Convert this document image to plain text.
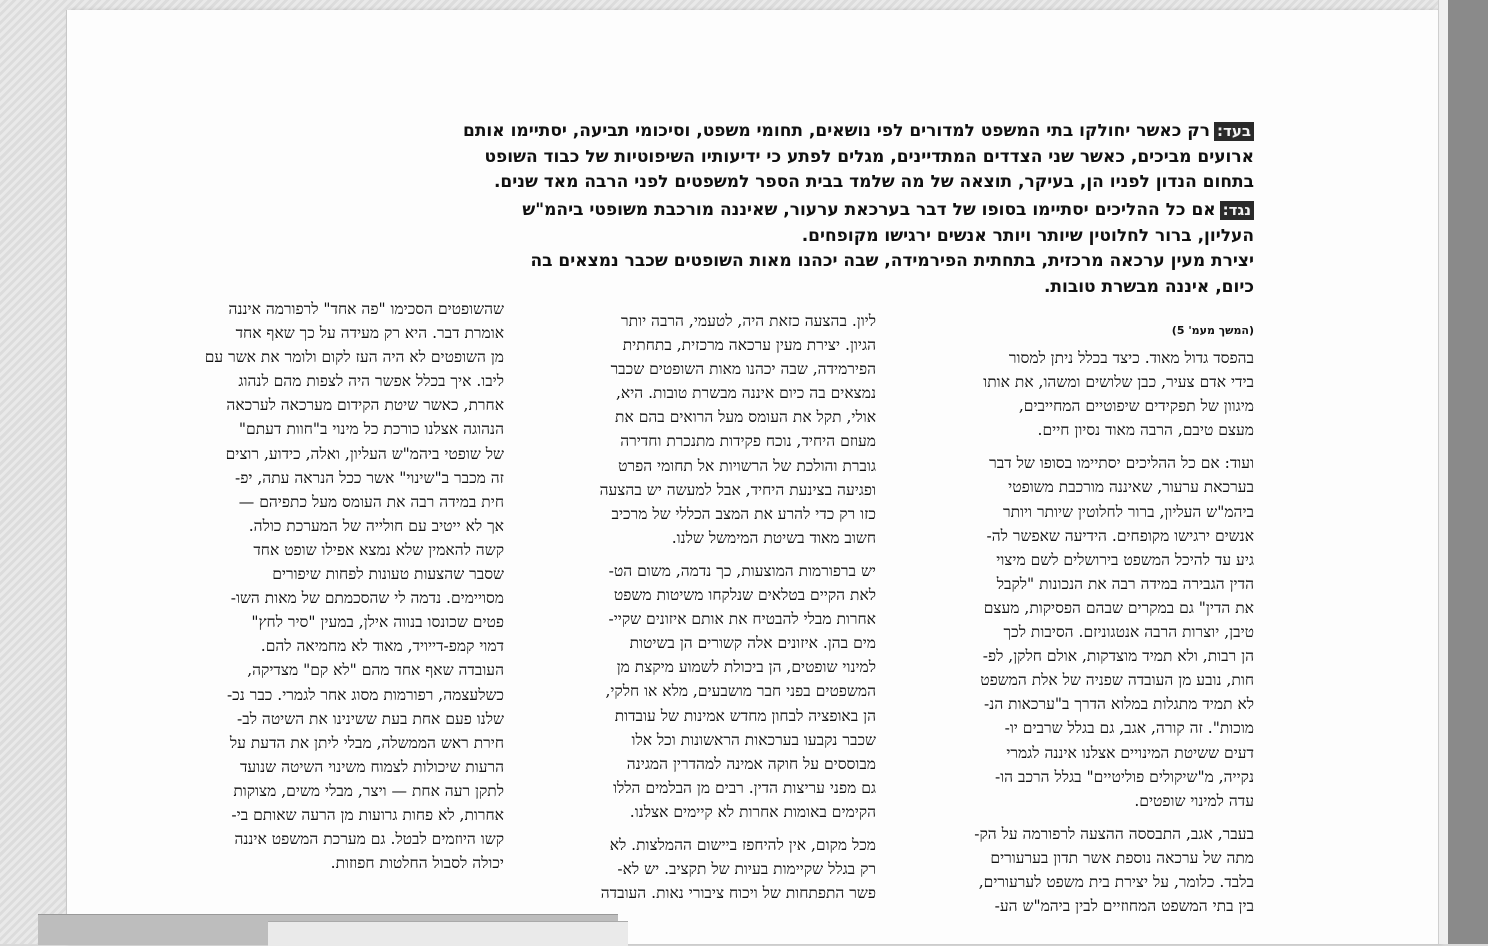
בעד:רק כאשר יחולקו בתי המשפט למדורים לפי נושאים, תחומי משפט, וסיכומי תביעה, יסתיימו אותם
ארועים מביכים, כאשר שני הצדדים המתדיינים, מגלים לפתע כי ידיעותיו השיפוטיות של כבוד השופט
בתחום הנדון לפניו הן, בעיקר, תוצאה של מה שלמד בבית הספר למשפטים לפני הרבה מאד שנים.
נגד:אם כל ההליכים יסתיימו בסופו של דבר בערכאת ערעור, שאיננה מורכבת משופטי ביהמ"ש
העליון, ברור לחלוטין שיותר ויותר אנשים ירגישו מקופחים.
יצירת מעין ערכאה מרכזית, בתחתית הפירמידה, שבה יכהנו מאות השופטים שכבר נמצאים בה
כיום, איננה מבשרת טובות.
(המשך מעמ' 5)
בהפסד גדול מאוד. כיצד בכלל ניתן למסור
בידי אדם צעיר, כבן שלושים ומשהו, את אותו
מיגוון של תפקידים שיפוטיים המחייבים,
מעצם טיבם, הרבה מאוד נסיון חיים.
ועוד: אם כל ההליכים יסתיימו בסופו של דבר
בערכאת ערעור, שאיננה מורכבת משופטי
ביהמ"ש העליון, ברור לחלוטין שיותר ויותר
אנשים ירגישו מקופחים. הידיעה שאפשר לה-
גיע עד להיכל המשפט בירושלים לשם מיצוי
הדין הגבירה במידה רבה את הנכונות "לקבל
את הדין" גם במקרים שבהם הפסיקות, מעצם
טיבן, יוצרות הרבה אנטגוניזם. הסיבות לכך
הן רבות, ולא תמיד מוצדקות, אולם חלקן, לפ-
חות, נובע מן העובדה שפניה של אלת המשפט
לא תמיד מתגלות במלוא הדרך ב"ערכאות הנ-
מוכות". זה קורה, אגב, גם בגלל שרבים יו-
דעים ששיטת המינויים אצלנו איננה לגמרי
נקייה, מ"שיקולים פוליטיים" בגלל הרכב הו-
עדה למינוי שופטים.
בעבר, אגב, התבססה ההצעה לרפורמה על הק-
מתה של ערכאה נוספת אשר תדון בערעורים
בלבד. כלומר, על יצירת בית משפט לערעורים,
בין בתי המשפט המחוזיים לבין ביהמ"ש הע-
ליון. בהצעה כזאת היה, לטעמי, הרבה יותר
הגיון. יצירת מעין ערכאה מרכזית, בתחתית
הפירמידה, שבה יכהנו מאות השופטים שכבר
נמצאים בה כיום איננה מבשרת טובות. היא,
אולי, תקל את העומס מעל הרואים בהם את
מעוזם היחיד, נוכח פקידות מתנכרת וחדירה
גוברת והולכת של הרשויות אל תחומי הפרט
ופגיעה בצינעת היחיד, אבל למעשה יש בהצעה
כזו רק כדי להרע את המצב הכללי של מרכיב
חשוב מאוד בשיטת המימשל שלנו.
יש ברפורמות המוצעות, כך נדמה, משום הט-
לאת הקיים בטלאים שנלקחו משיטות משפט
אחרות מבלי להבטיח את אותם איזונים שקיי-
מים בהן. איזונים אלה קשורים הן בשיטות
למינוי שופטים, הן ביכולת לשמוע מיקצת מן
המשפטים בפני חבר מושבעים, מלא או חלקי,
הן באופציה לבחון מחדש אמינות של עובדות
שכבר נקבעו בערכאות הראשונות וכל אלו
מבוססים על חוקה אמינה למהדרין המגינה
גם מפני עריצות הדין. רבים מן הבלמים הללו
הקימים באומות אחרות לא קיימים אצלנו.
מכל מקום, אין להיחפז ביישום ההמלצות. לא
רק בגלל שקיימות בעיות של תקציב. יש לא-
פשר התפתחות של ויכוח ציבורי נאות. העובדה
שהשופטים הסכימו "פה אחד" לרפורמה איננה
אומרת דבר. היא רק מעידה על כך שאף אחד
מן השופטים לא היה העז לקום ולומר את אשר עם
ליבו. איך בכלל אפשר היה לצפות מהם לנהוג
אחרת, כאשר שיטת הקידום מערכאה לערכאה
הנהוגה אצלנו כורכת כל מינוי ב"חוות דעתם"
של שופטי ביהמ"ש העליון, ואלה, כידוע, רוצים
זה מכבר ב"שינוי" אשר ככל הנראה עתה, יפ-
חית במידה רבה את העומס מעל כתפיהם —
אך לא ייטיב עם חולייה של המערכת כולה.
קשה להאמין שלא נמצא אפילו שופט אחד
שסבר שהצעות טעונות לפחות שיפורים
מסויימים. נדמה לי שהסכמתם של מאות השו-
פטים שכונסו בנווה אילן, במעין "סיר לחץ"
דמוי קמפ-דייויד, מאוד לא מחמיאה להם.
העובדה שאף אחד מהם "לא קם" מצדיקה,
כשלעצמה, רפורמות מסוג אחר לגמרי. כבר נכ-
שלנו פעם אחת בעת ששינינו את השיטה לב-
חירת ראש הממשלה, מבלי ליתן את הדעת על
הרעות שיכולות לצמוח משינוי השיטה שנועד
לתקן רעה אחת — ויצר, מבלי משים, מצוקות
אחרות, לא פחות גרועות מן הרעה שאותם בי-
קשו היוזמים לבטל. גם מערכת המשפט איננה
יכולה לסבול החלטות חפוזות.
